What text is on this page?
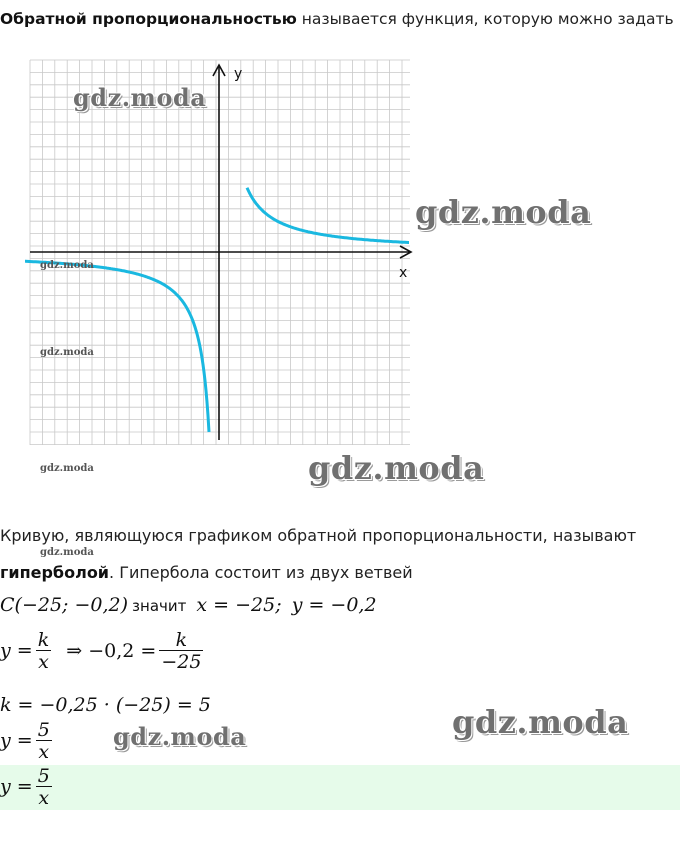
Обратной пропорциональностью называется функция, которую можно задать
x
y
gdz.moda
gdz.moda
gdz.moda
gdz.moda
gdz.moda	gdz.moda
Кривую, являющуюся графиком обратной пропорциональности, называют
gdz.moda
гиперболой. Гипербола состоит из двух ветвей
C(−25; −0,2) значит x = −25; y = −0,2
$y = \frac{k}{x}$ ⇒ $-0,2 = \frac{k}{-25}$
k = −0,25 · (−25) = 5
gdz.moda	gdz.moda
$y = \frac{5}{x}$
$y = \frac{5}{x}$
